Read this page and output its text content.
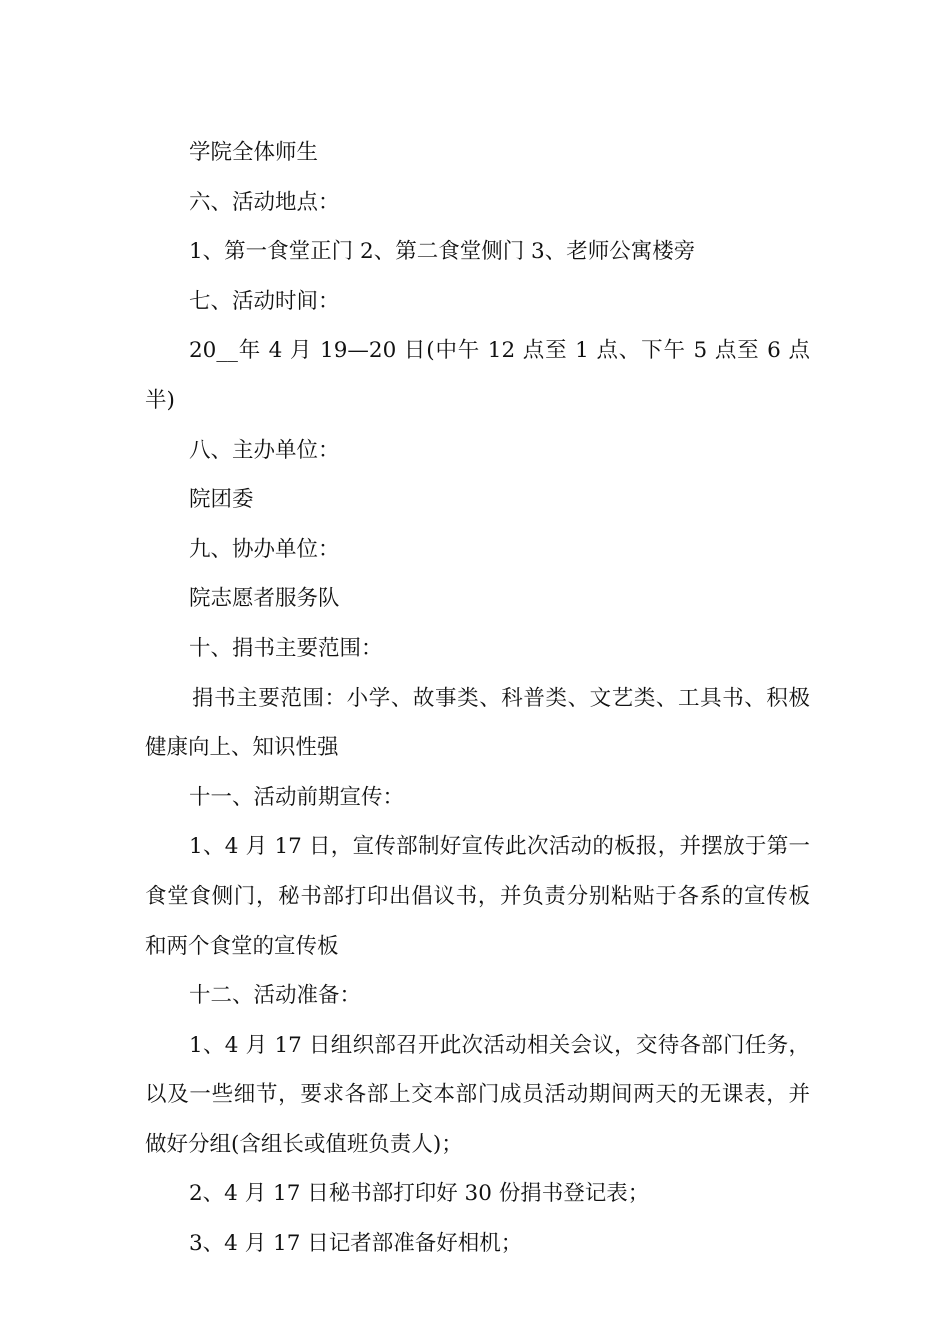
学院全体师生

六、活动地点：

1、第一食堂正门 2、第二食堂侧门 3、老师公寓楼旁

七、活动时间：

20__年 4 月 19—20 日(中午 12 点至 1 点、下午 5 点至 6 点半)

八、主办单位：

院团委

九、协办单位：

院志愿者服务队

十、捐书主要范围：

捐书主要范围：小学、故事类、科普类、文艺类、工具书、积极健康向上、知识性强

十一、活动前期宣传：

1、4 月 17 日，宣传部制好宣传此次活动的板报，并摆放于第一食堂食侧门，秘书部打印出倡议书，并负责分别粘贴于各系的宣传板和两个食堂的宣传板

十二、活动准备：

1、4 月 17 日组织部召开此次活动相关会议，交待各部门任务，以及一些细节，要求各部上交本部门成员活动期间两天的无课表，并做好分组(含组长或值班负责人)；

2、4 月 17 日秘书部打印好 30 份捐书登记表；

3、4 月 17 日记者部准备好相机；
